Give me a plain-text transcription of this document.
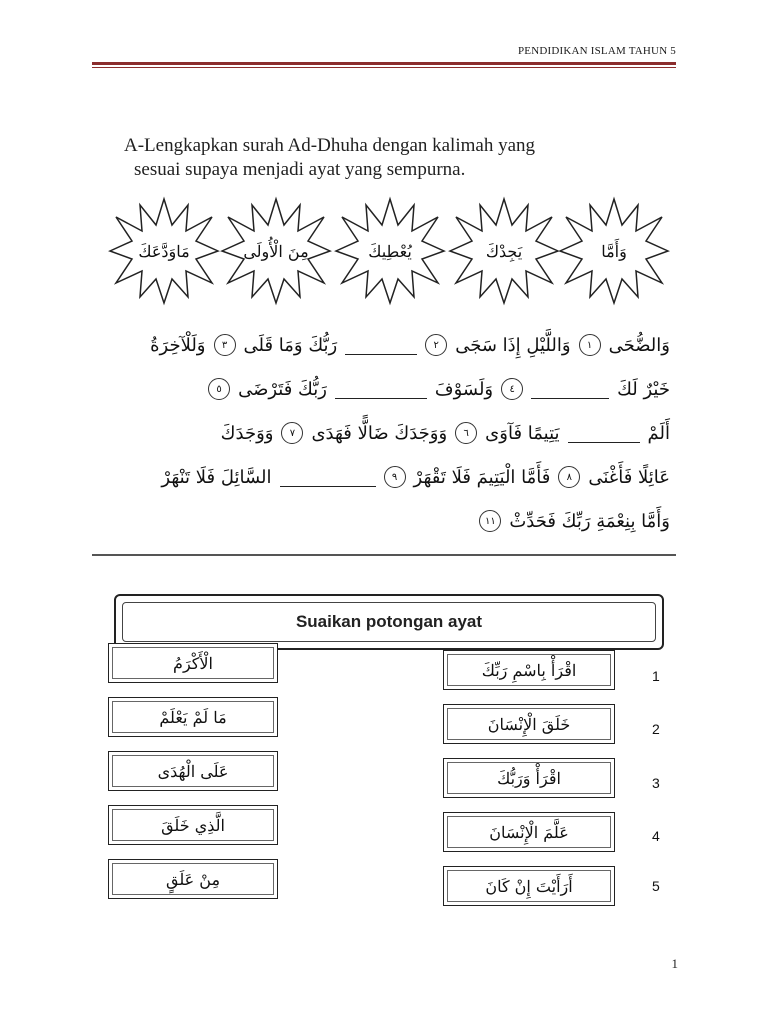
PENDIDIKAN ISLAM TAHUN 5
A-Lengkapkan surah Ad-Dhuha dengan kalimah yang
sesuai supaya menjadi ayat yang sempurna.
مَاوَدَّعَكَ	مِنَ الْأُولَى	يُعْطِيكَ	يَجِدْكَ	وَأَمَّا
وَالضُّحَى
١
وَاللَّيْلِ إِذَا سَجَى
٢
رَبُّكَ وَمَا قَلَى
٣
وَلَلْآخِرَةُ
خَيْرٌ لَكَ
٤
وَلَسَوْفَ
رَبُّكَ فَتَرْضَى
٥
أَلَمْ
يَتِيمًا فَآوَى
٦
وَوَجَدَكَ ضَالًّا فَهَدَى
٧
وَوَجَدَكَ
عَائِلًا فَأَغْنَى
٨
فَأَمَّا الْيَتِيمَ فَلَا تَقْهَرْ
٩
السَّائِلَ فَلَا تَنْهَرْ
وَأَمَّا بِنِعْمَةِ رَبِّكَ فَحَدِّثْ
١١
Suaikan potongan ayat
الْأَكْرَمُ
مَا لَمْ يَعْلَمْ
عَلَى الْهُدَى
الَّذِي خَلَقَ
مِنْ عَلَقٍ
اقْرَأْ بِاسْمِ رَبِّكَ
خَلَقَ الْإِنْسَانَ
اقْرَأْ وَرَبُّكَ
عَلَّمَ الْإِنْسَانَ
أَرَأَيْتَ إِنْ كَانَ
1
2
3
4
5
1
